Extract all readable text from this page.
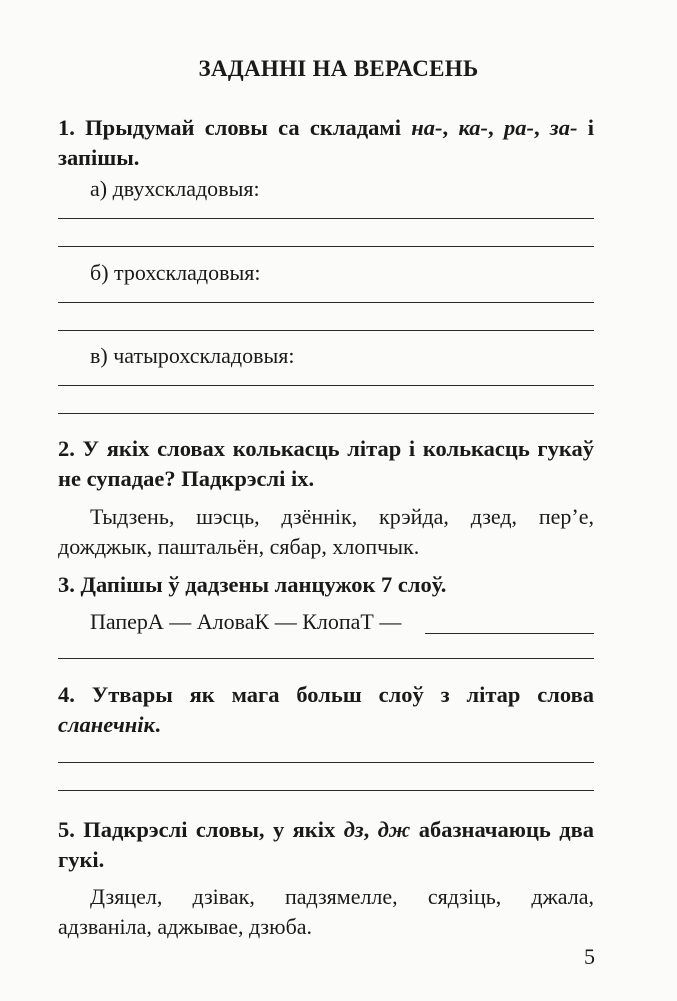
ЗАДАННІ НА ВЕРАСЕНЬ
1. Прыдумай словы са складамі на-, ка-, ра-, за- і запішы.
а) двухскладовыя:
б) трохскладовыя:
в) чатырохскладовыя:
2. У якіх словах колькасць літар і колькасць гукаў не супадае? Падкрэслі іх.
Тыдзень, шэсць, дзённік, крэйда, дзед, пер’е, дожджык, паштальён, сябар, хлопчык.
3. Дапішы ў дадзены ланцужок 7 слоў.
ПаперА — АловаК — КлопаТ —
4. Утвары як мага больш слоў з літар слова сланечнік.
5. Падкрэслі словы, у якіх дз, дж абазначаюць два гукі.
Дзяцел, дзівак, падзямелле, сядзіць, джала, адзваніла, аджывае, дзюба.
5
